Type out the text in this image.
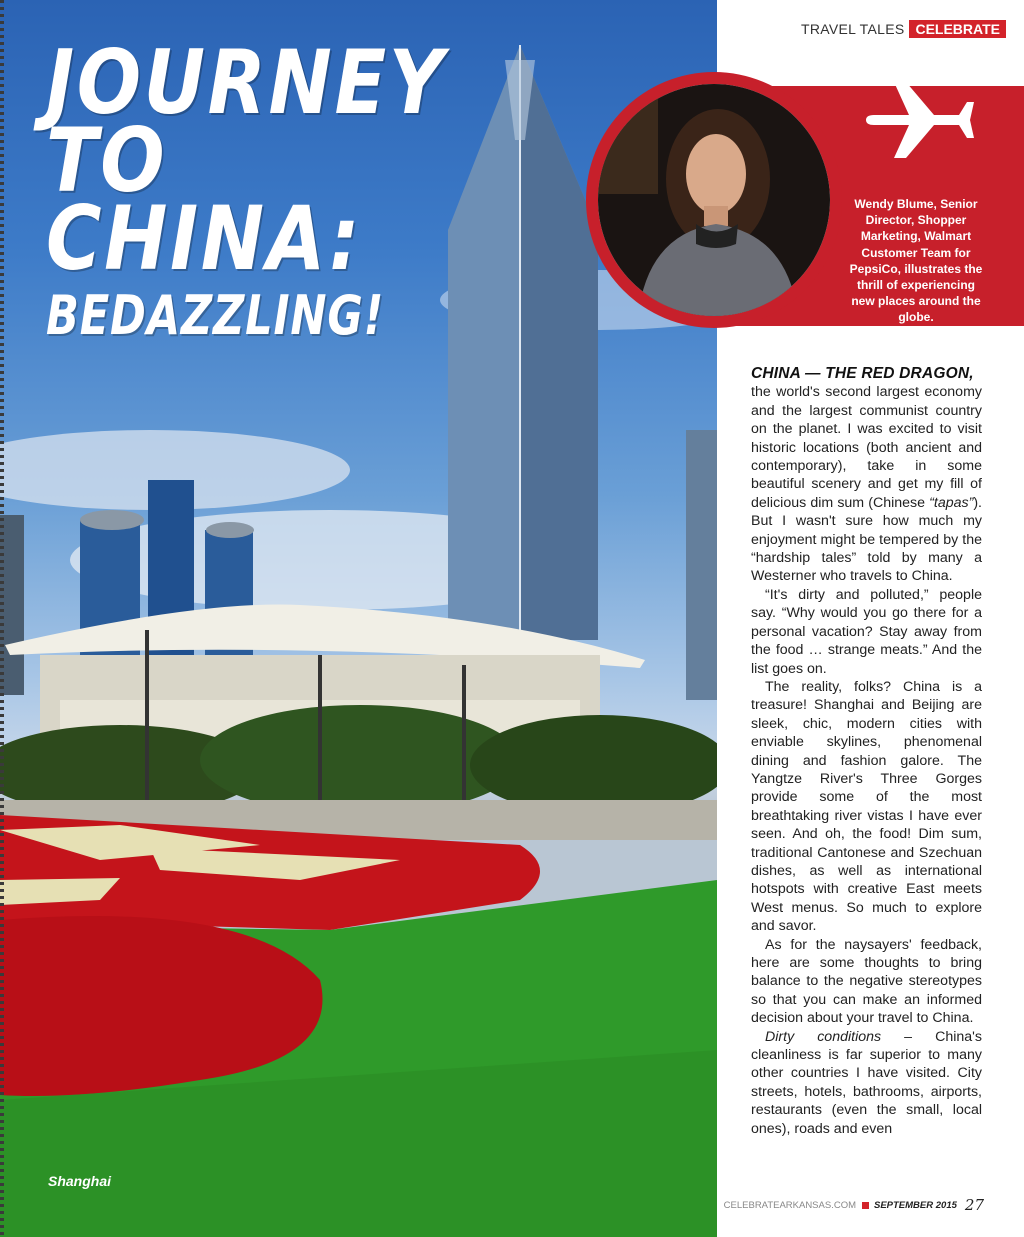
JOURNEY
TO
CHINA:
BEDAZZLING!

Shanghai

TRAVEL TALES CELEBRATE

Wendy Blume, Senior Director, Shopper Marketing, Walmart Customer Team for PepsiCo, illustrates the thrill of experiencing new places around the globe.

CHINA — THE RED DRAGON,
the world's second largest economy and the largest communist country on the planet. I was excited to visit historic locations (both ancient and contemporary), take in some beautiful scenery and get my fill of delicious dim sum (Chinese “tapas”). But I wasn't sure how much my enjoyment might be tempered by the “hardship tales” told by many a Westerner who travels to China.

“It's dirty and polluted,” people say. “Why would you go there for a personal vacation? Stay away from the food … strange meats.” And the list goes on.

The reality, folks? China is a treasure! Shanghai and Beijing are sleek, chic, modern cities with enviable skylines, phenomenal dining and fashion galore. The Yangtze River's Three Gorges provide some of the most breathtaking river vistas I have ever seen. And oh, the food! Dim sum, traditional Cantonese and Szechuan dishes, as well as international hotspots with creative East meets West menus. So much to explore and savor.

As for the naysayers' feedback, here are some thoughts to bring balance to the negative stereotypes so that you can make an informed decision about your travel to China.

Dirty conditions – China's cleanliness is far superior to many other countries I have visited. City streets, hotels, bathrooms, airports, restaurants (even the small, local ones), roads and even

CELEBRATEARKANSAS.COM SEPTEMBER 2015 27
